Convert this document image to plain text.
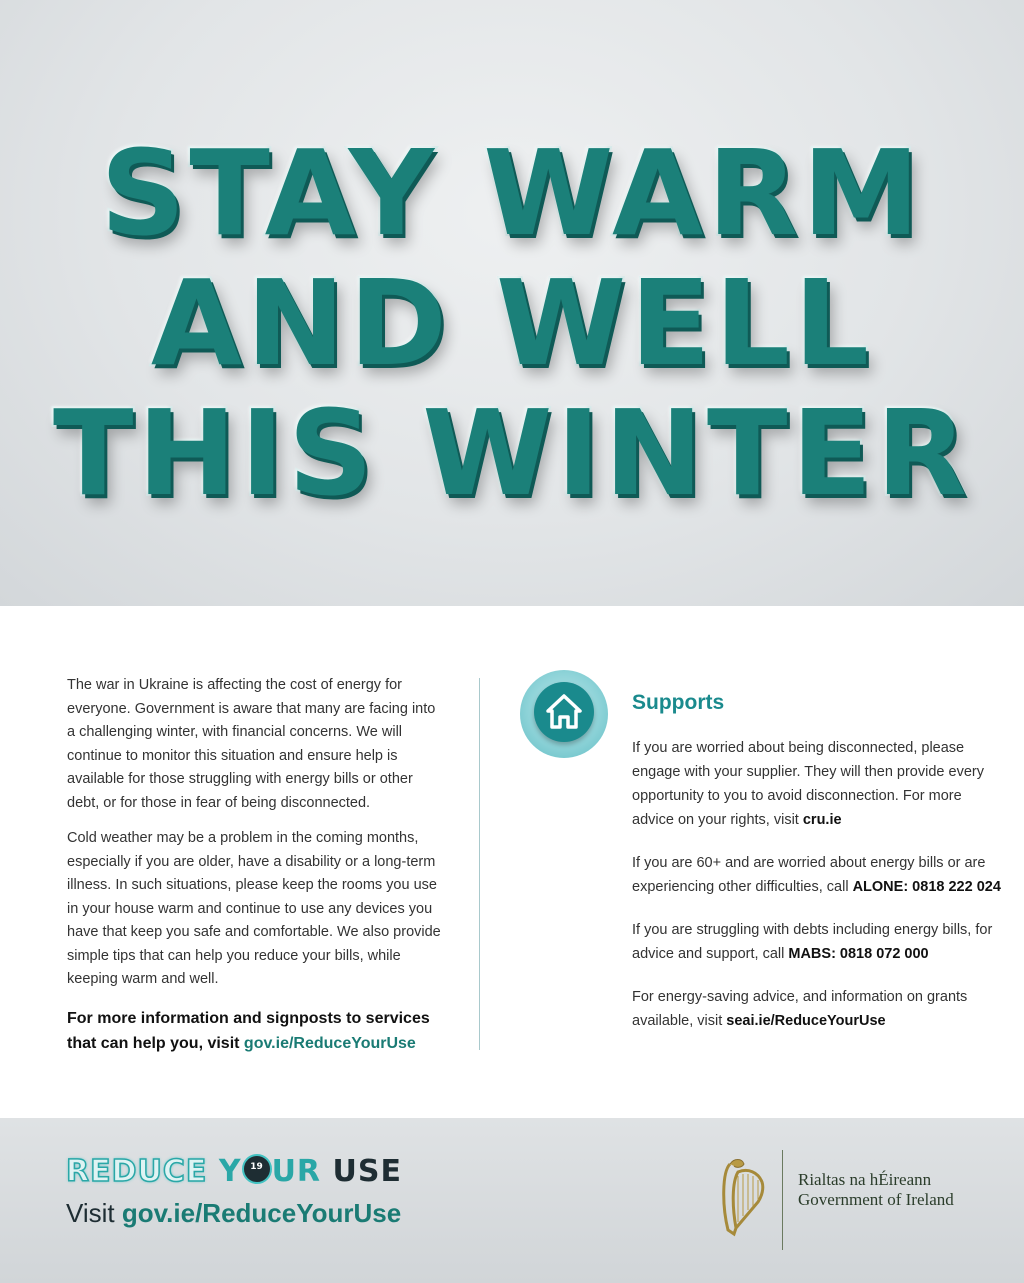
STAY WARM
AND WELL
THIS WINTER

The war in Ukraine is affecting the cost of energy for everyone. Government is aware that many are facing into a challenging winter, with financial concerns. We will continue to monitor this situation and ensure help is available for those struggling with energy bills or other debt, or for those in fear of being disconnected.

Cold weather may be a problem in the coming months, especially if you are older, have a disability or a long-term illness. In such situations, please keep the rooms you use in your house warm and continue to use any devices you have that keep you safe and comfortable. We also provide simple tips that can help you reduce your bills, while keeping warm and well.

For more information and signposts to services that can help you, visit gov.ie/ReduceYourUse

Supports

If you are worried about being disconnected, please engage with your supplier. They will then provide every opportunity to you to avoid disconnection. For more advice on your rights, visit cru.ie

If you are 60+ and are worried about energy bills or are experiencing other difficulties, call ALONE: 0818 222 024

If you are struggling with debts including energy bills, for advice and support, call MABS: 0818 072 000

For energy-saving advice, and information on grants available, visit seai.ie/ReduceYourUse

REDUCE Y 19 UR USE
Visit gov.ie/ReduceYourUse
Rialtas na hÉireann
Government of Ireland
